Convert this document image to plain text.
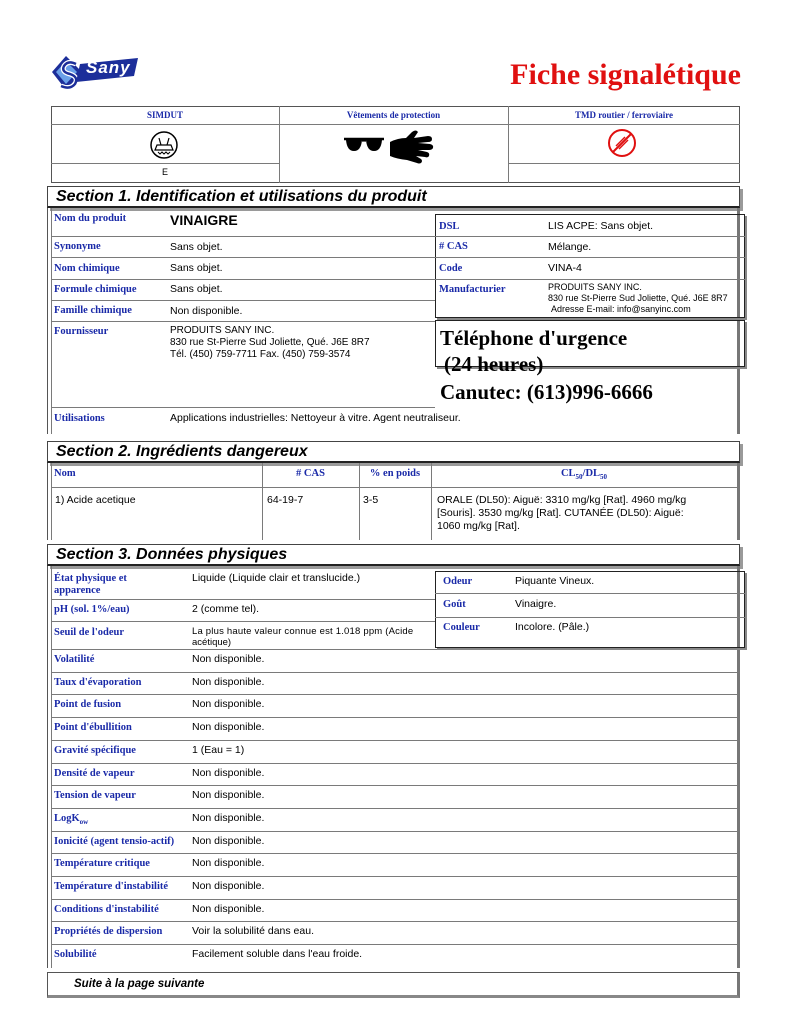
Sany	Fiche signalétique
SIMDUT	Vêtements de protection	TMD routier / ferroviaire
E
Section 1. Identification et utilisations du produit
Nom du produit	VINAIGRE
Synonyme	Sans objet.
Nom chimique	Sans objet.
Formule chimique	Sans objet.
Famille chimique	Non disponible.
Fournisseur	PRODUITS SANY INC.
830 rue St-Pierre Sud Joliette, Qué. J6E 8R7
Tél. (450) 759-7711 Fax. (450) 759-3574
Utilisations	Applications industrielles: Nettoyeur à vitre. Agent neutraliseur.
DSL	LIS ACPE: Sans objet.
# CAS	Mélange.
Code	VINA-4
Manufacturier	PRODUITS SANY INC.
830 rue St-Pierre Sud Joliette, Qué. J6E 8R7
Adresse E-mail: info@sanyinc.com
Téléphone d'urgence
(24 heures)
Canutec: (613)996-6666
Section 2. Ingrédients dangereux
Nom	# CAS	% en poids	$CL_{50}/DL_{50}$
1) Acide acetique	64-19-7	3-5	ORALE (DL50): Aiguë: 3310 mg/kg [Rat]. 4960 mg/kg
[Souris]. 3530 mg/kg [Rat]. CUTANÉE (DL50): Aiguë:
1060 mg/kg [Rat].
Section 3. Données physiques
État physique et
apparence
Liquide (Liquide clair et translucide.)
pH (sol. 1%/eau)	2 (comme tel).
Seuil de l'odeur	La plus haute valeur connue est 1.018 ppm (Acide
acétique)
Odeur	Piquante Vineux.
Goût	Vinaigre.
Couleur	Incolore. (Pâle.)
Volatilité	Non disponible.
Taux d'évaporation	Non disponible.
Point de fusion	Non disponible.
Point d'ébullition	Non disponible.
Gravité spécifique	1 (Eau = 1)
Densité de vapeur	Non disponible.
Tension de vapeur	Non disponible.
LogK$_{ow}$	Non disponible.
Ionicité (agent tensio-actif) Non disponible.
Température critique	Non disponible.
Température d'instabilité Non disponible.
Conditions d'instabilité	Non disponible.
Propriétés de dispersion	Voir la solubilité dans eau.
Solubilité	Facilement soluble dans l'eau froide.
Suite à la page suivante
